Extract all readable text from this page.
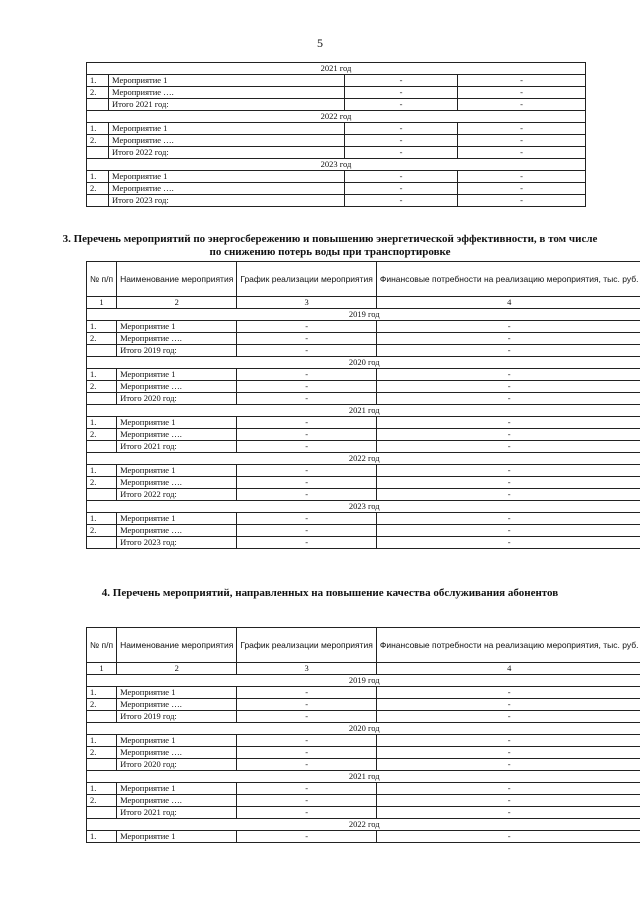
5
2021 год			
1.	Мероприятие 1	-	-
2.	Мероприятие ….	-	-
	Итого 2021 год:	-	-
2022 год			
1.	Мероприятие 1	-	-
2.	Мероприятие ….	-	-
	Итого 2022 год:	-	-
2023 год			
1.	Мероприятие 1	-	-
2.	Мероприятие ….	-	-
	Итого 2023 год:	-	-
3. Перечень мероприятий по энергосбережению и повышению энергетической эффективности, в том числе по снижению потерь воды при транспортировке
№ п/п	Наименование мероприятия	График реализации мероприятия	Финансовые потребности на реализацию мероприятия, тыс. руб.
1	2	3	4
2019 год			
1.	Мероприятие 1	-	-
2.	Мероприятие ….	-	-
	Итого 2019 год:	-	-
2020 год			
1.	Мероприятие 1	-	-
2.	Мероприятие ….	-	-
	Итого 2020 год:	-	-
2021 год			
1.	Мероприятие 1	-	-
2.	Мероприятие ….	-	-
	Итого 2021 год:	-	-
2022 год			
1.	Мероприятие 1	-	-
2.	Мероприятие ….	-	-
	Итого 2022 год:	-	-
2023 год			
1.	Мероприятие 1	-	-
2.	Мероприятие ….	-	-
	Итого 2023 год:	-	-
4. Перечень мероприятий, направленных на повышение качества обслуживания абонентов
№ п/п	Наименование мероприятия	График реализации мероприятия	Финансовые потребности на реализацию мероприятия, тыс. руб.
1	2	3	4
2019 год			
1.	Мероприятие 1	-	-
2.	Мероприятие ….	-	-
	Итого 2019 год:	-	-
2020 год			
1.	Мероприятие 1	-	-
2.	Мероприятие ….	-	-
	Итого 2020 год:	-	-
2021 год			
1.	Мероприятие 1	-	-
2.	Мероприятие ….	-	-
	Итого 2021 год:	-	-
2022 год			
1.	Мероприятие 1	-	-
